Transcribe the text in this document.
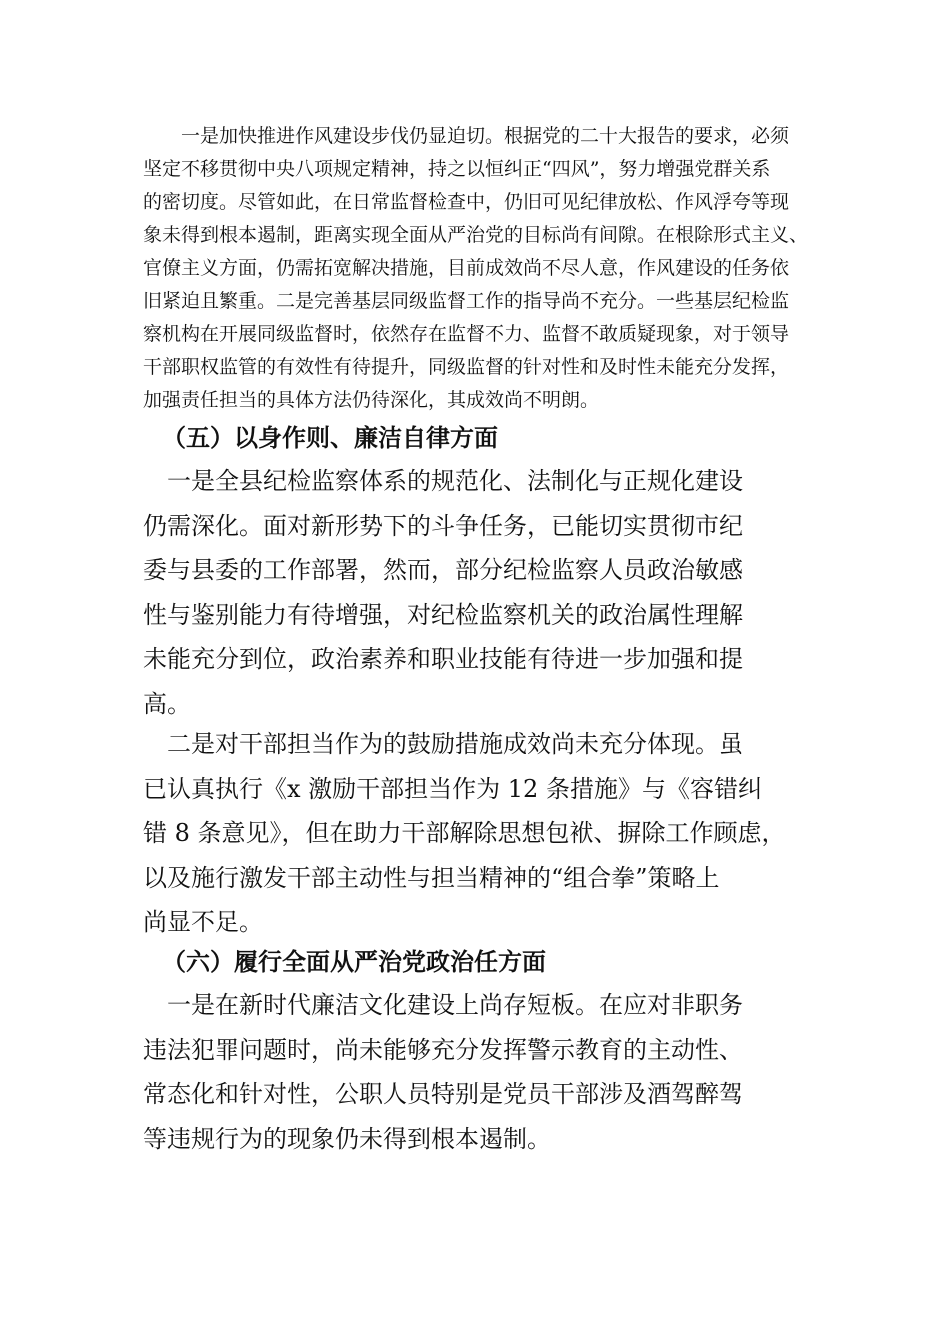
　　一是加快推进作风建设步伐仍显迫切。根据党的二十大报告的要求，必须
坚定不移贯彻中央八项规定精神，持之以恒纠正“四风”，努力增强党群关系
的密切度。尽管如此，在日常监督检查中，仍旧可见纪律放松、作风浮夸等现
象未得到根本遏制，距离实现全面从严治党的目标尚有间隙。在根除形式主义、
官僚主义方面，仍需拓宽解决措施，目前成效尚不尽人意，作风建设的任务依
旧紧迫且繁重。二是完善基层同级监督工作的指导尚不充分。一些基层纪检监
察机构在开展同级监督时，依然存在监督不力、监督不敢质疑现象，对于领导
干部职权监管的有效性有待提升，同级监督的针对性和及时性未能充分发挥，
加强责任担当的具体方法仍待深化，其成效尚不明朗。

（五）以身作则、廉洁自律方面

　一是全县纪检监察体系的规范化、法制化与正规化建设
仍需深化。面对新形势下的斗争任务，已能切实贯彻市纪
委与县委的工作部署，然而，部分纪检监察人员政治敏感
性与鉴别能力有待增强，对纪检监察机关的政治属性理解
未能充分到位，政治素养和职业技能有待进一步加强和提
高。

　二是对干部担当作为的鼓励措施成效尚未充分体现。虽
已认真执行《x 激励干部担当作为 12 条措施》与《容错纠
错 8 条意见》，但在助力干部解除思想包袱、摒除工作顾虑，
以及施行激发干部主动性与担当精神的“组合拳”策略上
尚显不足。

（六）履行全面从严治党政治任方面

　一是在新时代廉洁文化建设上尚存短板。在应对非职务
违法犯罪问题时，尚未能够充分发挥警示教育的主动性、
常态化和针对性，公职人员特别是党员干部涉及酒驾醉驾
等违规行为的现象仍未得到根本遏制。
